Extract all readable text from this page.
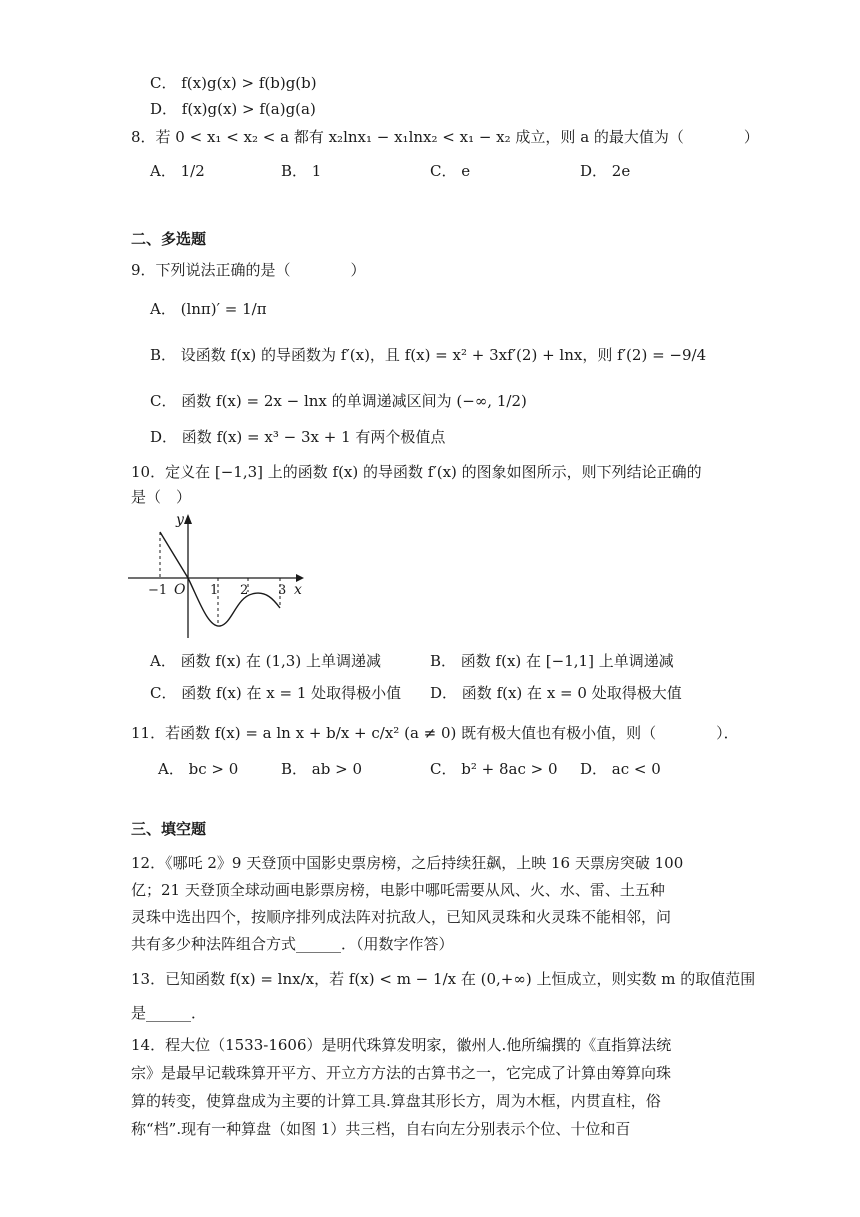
C． f(x)g(x) > f(b)g(b)
D． f(x)g(x) > f(a)g(a)
8．若 0 < x₁ < x₂ < a 都有 x₂lnx₁ − x₁lnx₂ < x₁ − x₂ 成立，则 a 的最大值为（　　　　）
A． 1/2	B． 1	C． e	D． 2e
二、多选题
9．下列说法正确的是（　　　　）
A． (lnπ)′ = 1/π
B． 设函数 f(x) 的导函数为 f′(x)，且 f(x) = x² + 3xf′(2) + lnx，则 f′(2) = −9/4
C． 函数 f(x) = 2x − lnx 的单调递减区间为 (−∞, 1/2)
D． 函数 f(x) = x³ − 3x + 1 有两个极值点
10．定义在 [−1,3] 上的函数 f(x) 的导函数 f′(x) 的图象如图所示，则下列结论正确的
是（　）
y
x
O
−1	1 2 3
A． 函数 f(x) 在 (1,3) 上单调递减	B． 函数 f(x) 在 [−1,1] 上单调递减
C． 函数 f(x) 在 x = 1 处取得极小值 D． 函数 f(x) 在 x = 0 处取得极大值
11．若函数 f(x) = a ln x + b/x + c/x² (a ≠ 0) 既有极大值也有极小值，则（　　　　）．
A． bc > 0	B． ab > 0	C． b² + 8ac > 0 D． ac < 0
三、填空题
12．《哪吒 2》9 天登顶中国影史票房榜，之后持续狂飙，上映 16 天票房突破 100
亿；21 天登顶全球动画电影票房榜，电影中哪吒需要从风、火、水、雷、土五种
灵珠中选出四个，按顺序排列成法阵对抗敌人，已知风灵珠和火灵珠不能相邻，问
共有多少种法阵组合方式______．（用数字作答）
13．已知函数 f(x) = lnx/x，若 f(x) < m − 1/x 在 (0,+∞) 上恒成立，则实数 m 的取值范围
是______．
14．程大位（1533-1606）是明代珠算发明家，徽州人.他所编撰的《直指算法统
宗》是最早记载珠算开平方、开立方方法的古算书之一，它完成了计算由筹算向珠
算的转变，使算盘成为主要的计算工具.算盘其形长方，周为木框，内贯直柱，俗
称“档”.现有一种算盘（如图 1）共三档，自右向左分别表示个位、十位和百
